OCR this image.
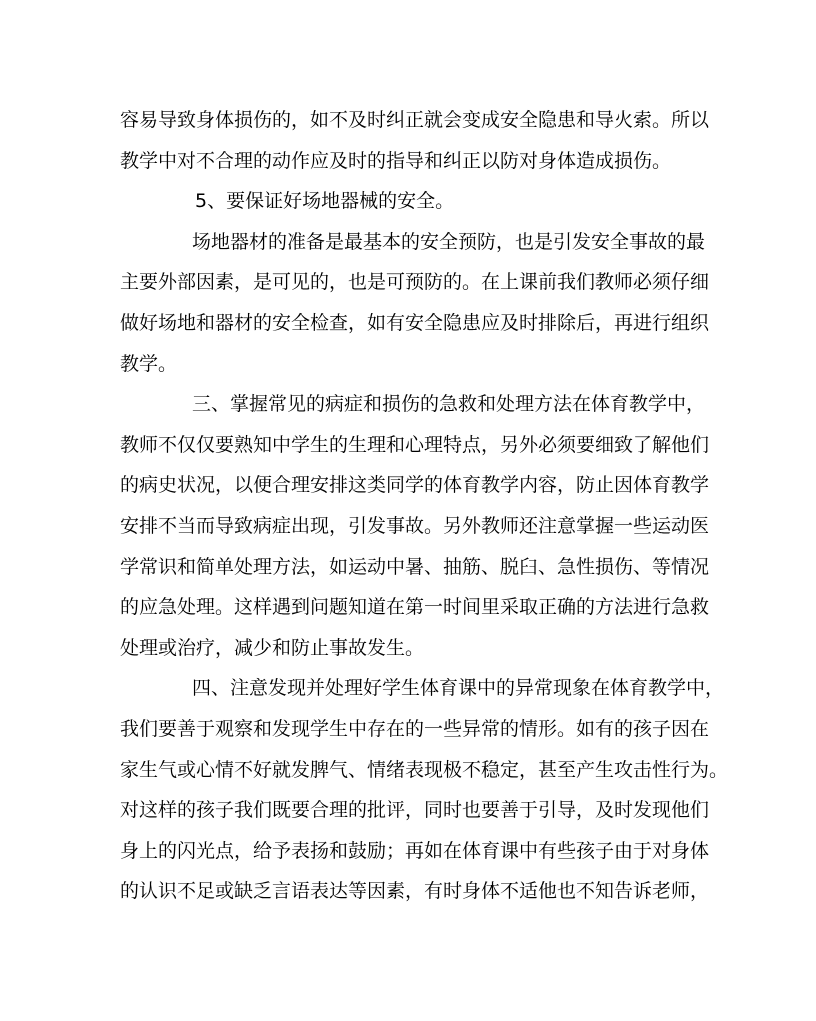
容易导致身体损伤的，如不及时纠正就会变成安全隐患和导火索。所以
教学中对不合理的动作应及时的指导和纠正以防对身体造成损伤。
5、要保证好场地器械的安全。
场地器材的准备是最基本的安全预防，也是引发安全事故的最
主要外部因素，是可见的，也是可预防的。在上课前我们教师必须仔细
做好场地和器材的安全检查，如有安全隐患应及时排除后，再进行组织
教学。
三、掌握常见的病症和损伤的急救和处理方法在体育教学中，
教师不仅仅要熟知中学生的生理和心理特点，另外必须要细致了解他们
的病史状况，以便合理安排这类同学的体育教学内容，防止因体育教学
安排不当而导致病症出现，引发事故。另外教师还注意掌握一些运动医
学常识和简单处理方法，如运动中暑、抽筋、脱臼、急性损伤、等情况
的应急处理。这样遇到问题知道在第一时间里采取正确的方法进行急救
处理或治疗，减少和防止事故发生。
四、注意发现并处理好学生体育课中的异常现象在体育教学中，
我们要善于观察和发现学生中存在的一些异常的情形。如有的孩子因在
家生气或心情不好就发脾气、情绪表现极不稳定，甚至产生攻击性行为。
对这样的孩子我们既要合理的批评，同时也要善于引导，及时发现他们
身上的闪光点，给予表扬和鼓励；再如在体育课中有些孩子由于对身体
的认识不足或缺乏言语表达等因素，有时身体不适他也不知告诉老师，
